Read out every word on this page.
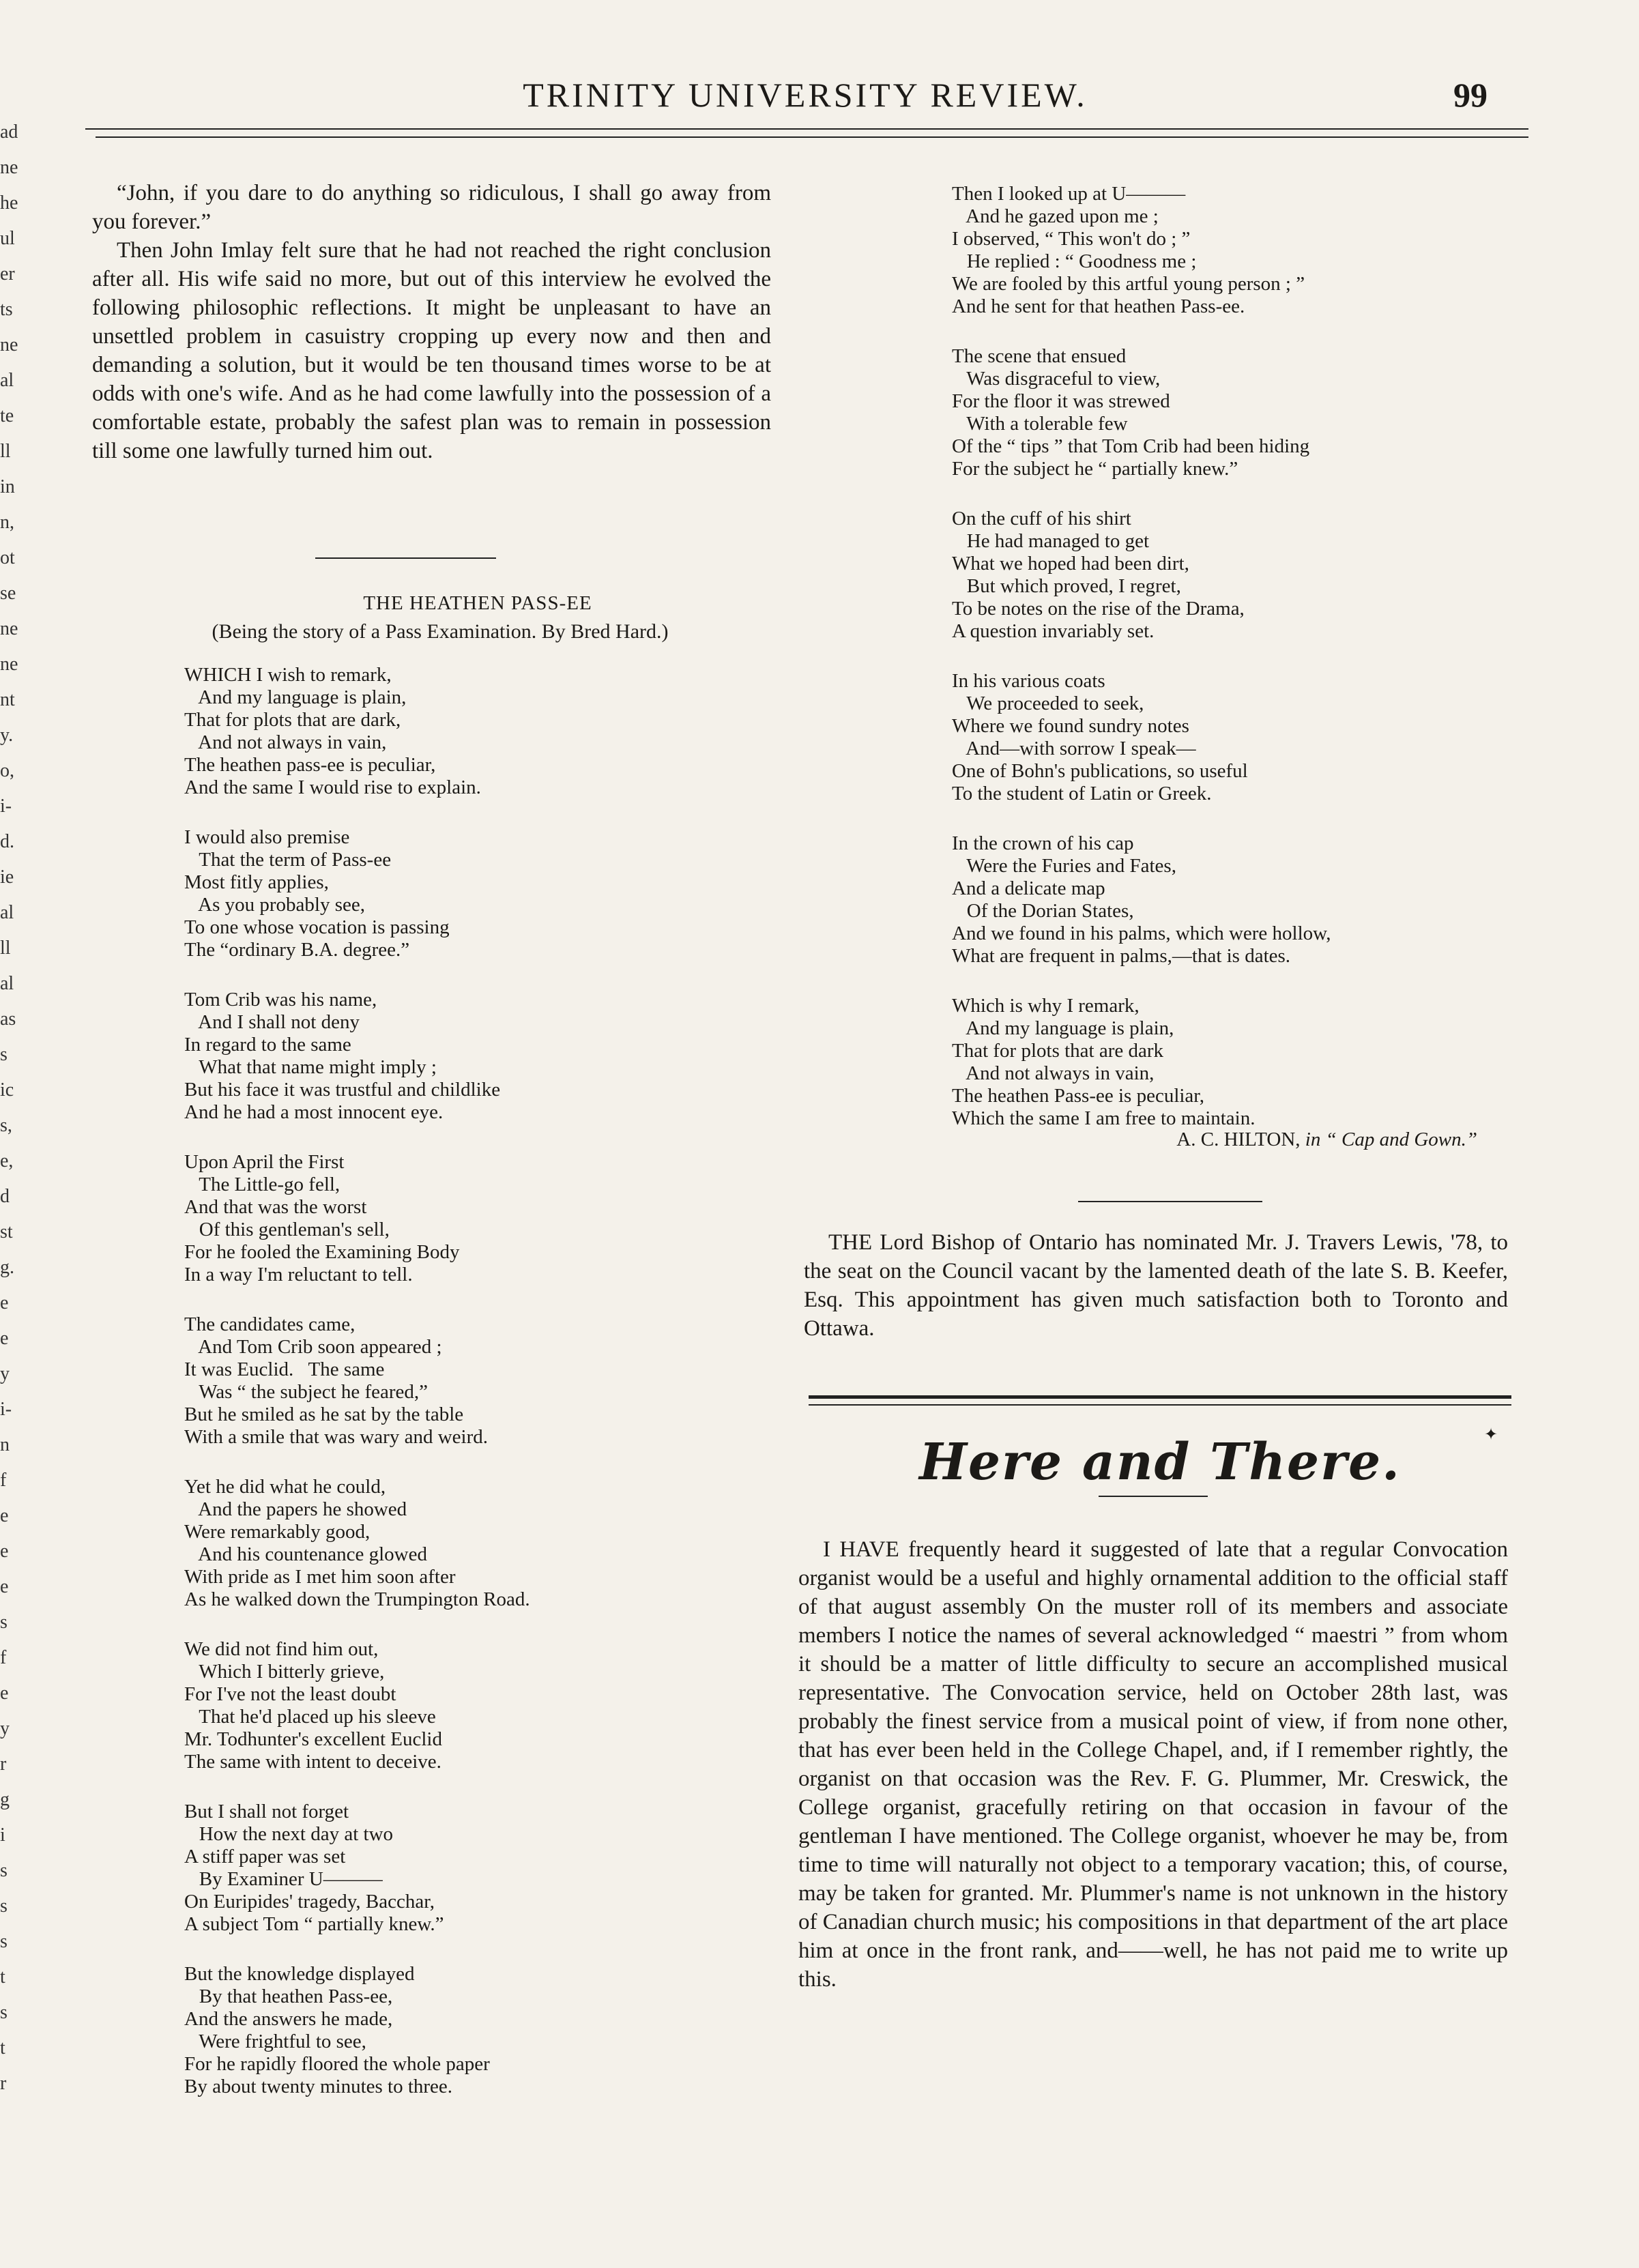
ad
ne
he
ul
er
ts
ne
al
te
ll
in
n,
ot
se
ne
ne
nt
y.
o,
i-
d.
ie
al
ll
al
as
s
ic
s,
e,
d
st
g.
e
e
y
i-
n
f
e
e
e
s
f
e
y
r
g
i
s
s
s
t
s
t
r
TRINITY UNIVERSITY REVIEW.	99

“John, if you dare to do anything so ridiculous, I shall go away from you forever.”

Then John Imlay felt sure that he had not reached the right conclusion after all. His wife said no more, but out of this interview he evolved the following philosophic reflections. It might be unpleasant to have an unsettled problem in casuistry cropping up every now and then and demanding a solution, but it would be ten thousand times worse to be at odds with one's wife. And as he had come lawfully into the possession of a comfortable estate, probably the safest plan was to remain in possession till some one lawfully turned him out.

THE HEATHEN PASS-EE

(Being the story of a Pass Examination. By Bred Hard.)

WHICH I wish to remark,
And my language is plain,
That for plots that are dark,
And not always in vain,
The heathen pass-ee is peculiar,
And the same I would rise to explain.
I would also premise
That the term of Pass-ee
Most fitly applies,
As you probably see,
To one whose vocation is passing
The “ordinary B.A. degree.”
Tom Crib was his name,
And I shall not deny
In regard to the same
What that name might imply ;
But his face it was trustful and childlike
And he had a most innocent eye.
Upon April the First
The Little-go fell,
And that was the worst
Of this gentleman's sell,
For he fooled the Examining Body
In a way I'm reluctant to tell.
The candidates came,
And Tom Crib soon appeared ;
It was Euclid.   The same
Was “ the subject he feared,”
But he smiled as he sat by the table
With a smile that was wary and weird.
Yet he did what he could,
And the papers he showed
Were remarkably good,
And his countenance glowed
With pride as I met him soon after
As he walked down the Trumpington Road.
We did not find him out,
Which I bitterly grieve,
For I've not the least doubt
That he'd placed up his sleeve
Mr. Todhunter's excellent Euclid
The same with intent to deceive.
But I shall not forget
How the next day at two
A stiff paper was set
By Examiner U———
On Euripides' tragedy, Bacchar,
A subject Tom “ partially knew.”
But the knowledge displayed
By that heathen Pass-ee,
And the answers he made,
Were frightful to see,
For he rapidly floored the whole paper
By about twenty minutes to three.
Then I looked up at U———
And he gazed upon me ;
I observed, “ This won't do ; ”
He replied : “ Goodness me ;
We are fooled by this artful young person ; ”
And he sent for that heathen Pass-ee.
The scene that ensued
Was disgraceful to view,
For the floor it was strewed
With a tolerable few
Of the “ tips ” that Tom Crib had been hiding
For the subject he “ partially knew.”
On the cuff of his shirt
He had managed to get
What we hoped had been dirt,
But which proved, I regret,
To be notes on the rise of the Drama,
A question invariably set.
In his various coats
We proceeded to seek,
Where we found sundry notes
And—with sorrow I speak—
One of Bohn's publications, so useful
To the student of Latin or Greek.
In the crown of his cap
Were the Furies and Fates,
And a delicate map
Of the Dorian States,
And we found in his palms, which were hollow,
What are frequent in palms,—that is dates.
Which is why I remark,
And my language is plain,
That for plots that are dark
And not always in vain,
The heathen Pass-ee is peculiar,
Which the same I am free to maintain.
A. C. HILTON, in “ Cap and Gown.”

THE Lord Bishop of Ontario has nominated Mr. J. Travers Lewis, '78, to the seat on the Council vacant by the lamented death of the late S. B. Keefer, Esq. This appointment has given much satisfaction both to Toronto and Ottawa.

Here and There.	✦

I HAVE frequently heard it suggested of late that a regular Convocation organist would be a useful and highly ornamental addition to the official staff of that august assembly On the muster roll of its members and associate members I notice the names of several acknowledged “ maestri ” from whom it should be a matter of little difficulty to secure an accomplished musical representative. The Convocation service, held on October 28th last, was probably the finest service from a musical point of view, if from none other, that has ever been held in the College Chapel, and, if I remember rightly, the organist on that occasion was the Rev. F. G. Plummer, Mr. Creswick, the College organist, gracefully retiring on that occasion in favour of the gentleman I have mentioned. The College organist, whoever he may be, from time to time will naturally not object to a temporary vacation; this, of course, may be taken for granted. Mr. Plummer's name is not unknown in the history of Canadian church music; his compositions in that department of the art place him at once in the front rank, and——well, he has not paid me to write up this.
